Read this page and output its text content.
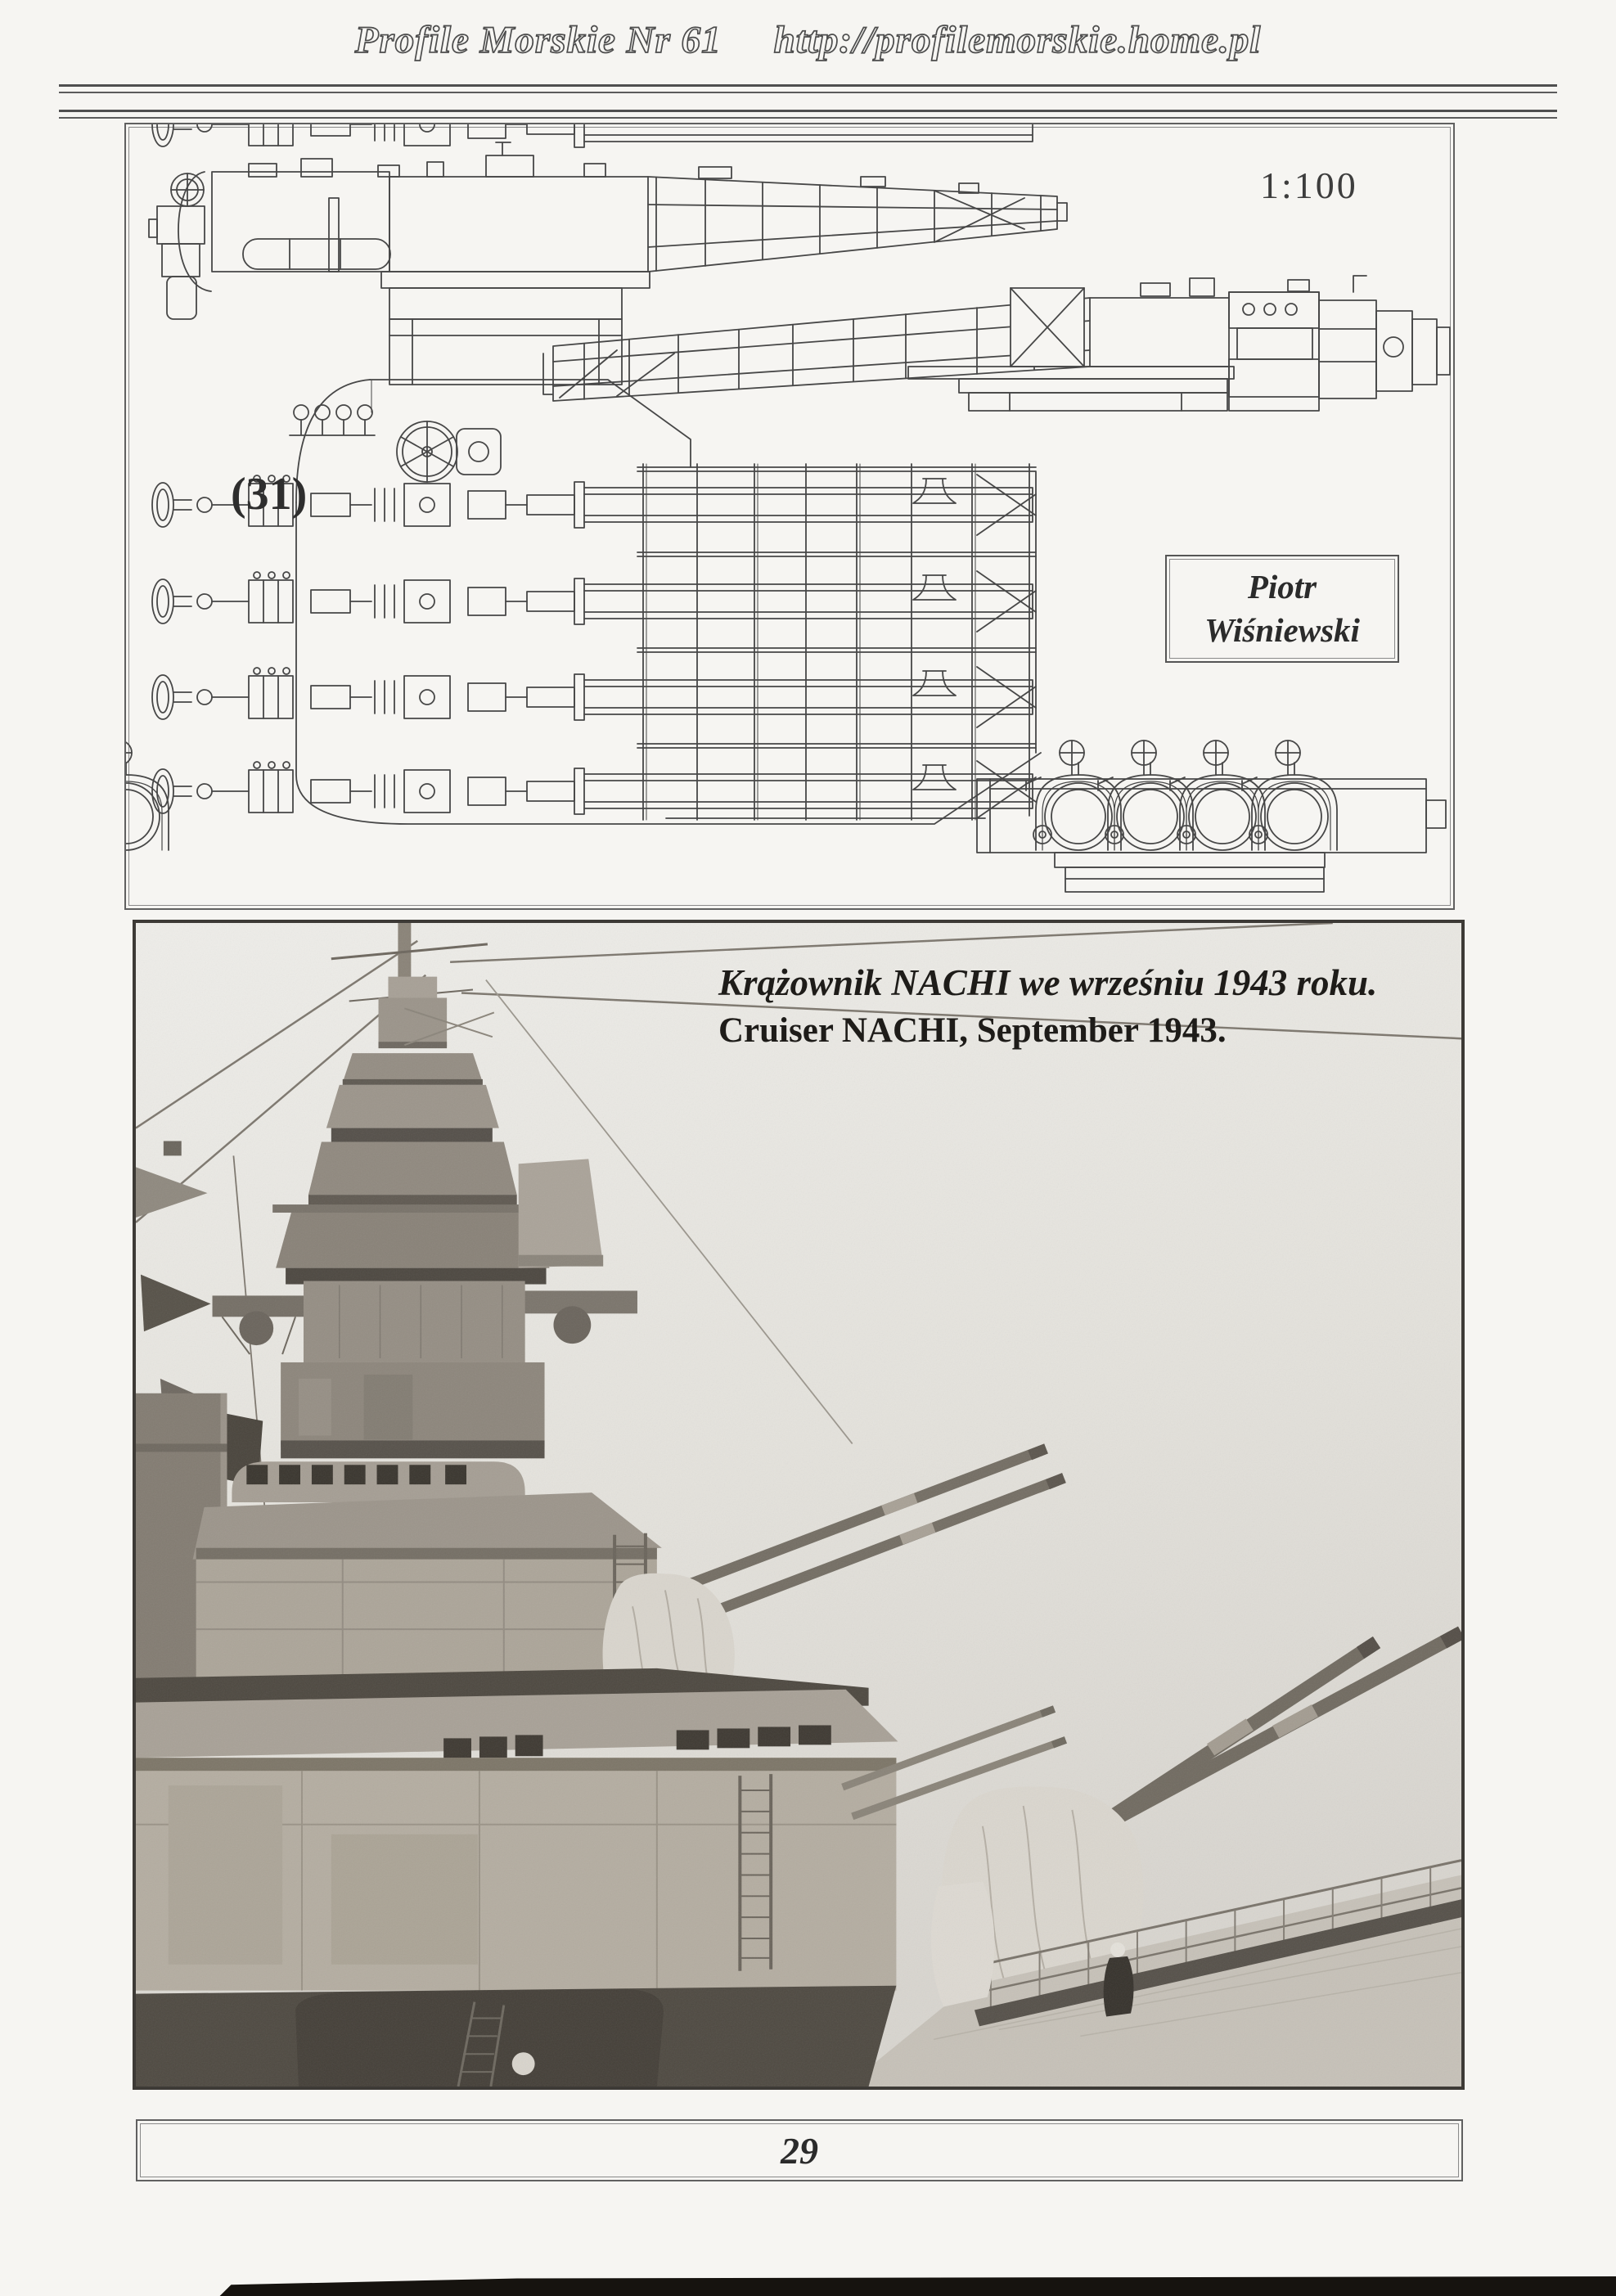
Profile Morskie Nr 61 http://profilemorskie.home.pl
1:100
(31)
Piotr
Wiśniewski
Krążownik NACHI we wrześniu 1943 roku.
Cruiser NACHI, September 1943.
29
